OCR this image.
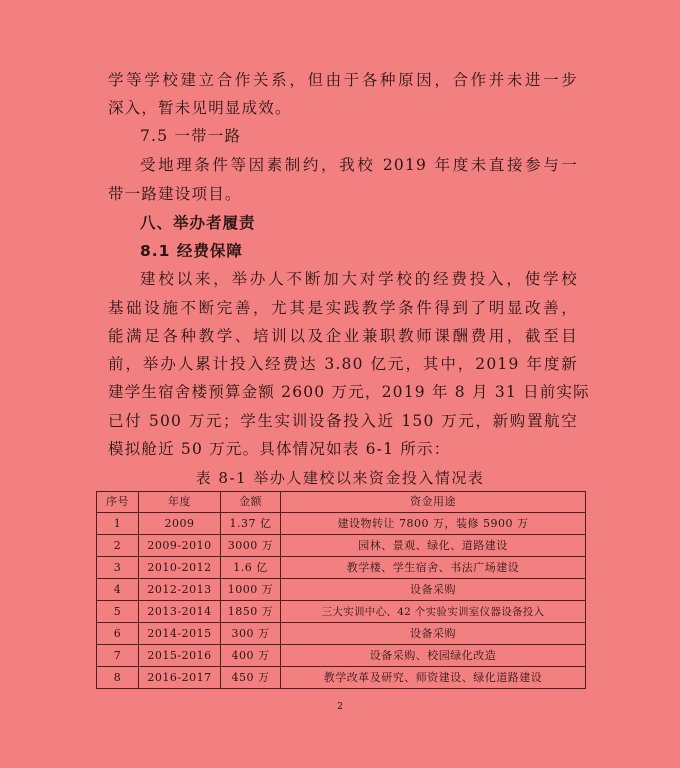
学等学校建立合作关系，但由于各种原因，合作并未进一步
深入，暂未见明显成效。
7.5 一带一路
受地理条件等因素制约，我校 2019 年度未直接参与一
带一路建设项目。
八、举办者履责
8.1 经费保障
建校以来，举办人不断加大对学校的经费投入，使学校
基础设施不断完善，尤其是实践教学条件得到了明显改善，
能满足各种教学、培训以及企业兼职教师课酬费用，截至目
前，举办人累计投入经费达 3.80 亿元，其中，2019 年度新
建学生宿舍楼预算金额 2600 万元，2019 年 8 月 31 日前实际
已付 500 万元；学生实训设备投入近 150 万元，新购置航空
模拟舱近 50 万元。具体情况如表 6-1 所示：
表 8-1 举办人建校以来资金投入情况表
序号	年度	金额	资金用途
1	2009	1.37 亿	建设物转让 7800 万，装修 5900 万
2	2009-2010	3000 万	园林、景观、绿化、道路建设
3	2010-2012	1.6 亿	教学楼、学生宿舍、书法广场建设
4	2012-2013	1000 万	设备采购
5	2013-2014	1850 万	三大实训中心、42 个实验实训室仪器设备投入
6	2014-2015	300 万	设备采购
7	2015-2016	400 万	设备采购、校园绿化改造
8	2016-2017	450 万	教学改革及研究、师资建设、绿化道路建设
2
